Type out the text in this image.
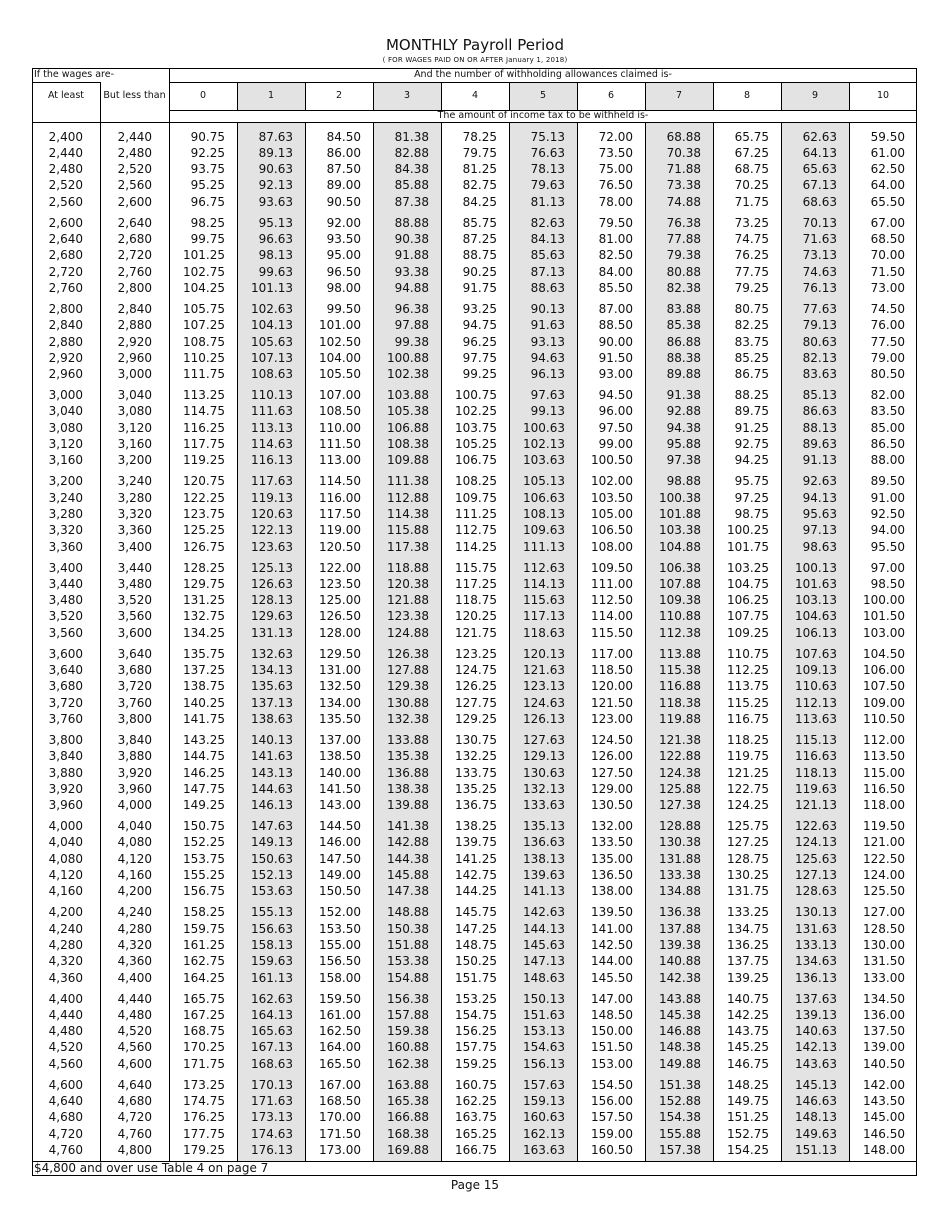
MONTHLY Payroll Period
( FOR WAGES PAID ON OR AFTER January 1, 2018)
If the wages are-	And the number of withholding allowances claimed is-
At least	But less than	0	1	2	3	4	5	6	7	8	9	10
The amount of income tax to be withheld is-
2,400	2,440	90.75	87.63	84.50	81.38	78.25	75.13	72.00	68.88	65.75	62.63	59.50
2,440	2,480	92.25	89.13	86.00	82.88	79.75	76.63	73.50	70.38	67.25	64.13	61.00
2,480	2,520	93.75	90.63	87.50	84.38	81.25	78.13	75.00	71.88	68.75	65.63	62.50
2,520	2,560	95.25	92.13	89.00	85.88	82.75	79.63	76.50	73.38	70.25	67.13	64.00
2,560	2,600	96.75	93.63	90.50	87.38	84.25	81.13	78.00	74.88	71.75	68.63	65.50
2,600	2,640	98.25	95.13	92.00	88.88	85.75	82.63	79.50	76.38	73.25	70.13	67.00
2,640	2,680	99.75	96.63	93.50	90.38	87.25	84.13	81.00	77.88	74.75	71.63	68.50
2,680	2,720	101.25	98.13	95.00	91.88	88.75	85.63	82.50	79.38	76.25	73.13	70.00
2,720	2,760	102.75	99.63	96.50	93.38	90.25	87.13	84.00	80.88	77.75	74.63	71.50
2,760	2,800	104.25	101.13	98.00	94.88	91.75	88.63	85.50	82.38	79.25	76.13	73.00
2,800	2,840	105.75	102.63	99.50	96.38	93.25	90.13	87.00	83.88	80.75	77.63	74.50
2,840	2,880	107.25	104.13	101.00	97.88	94.75	91.63	88.50	85.38	82.25	79.13	76.00
2,880	2,920	108.75	105.63	102.50	99.38	96.25	93.13	90.00	86.88	83.75	80.63	77.50
2,920	2,960	110.25	107.13	104.00	100.88	97.75	94.63	91.50	88.38	85.25	82.13	79.00
2,960	3,000	111.75	108.63	105.50	102.38	99.25	96.13	93.00	89.88	86.75	83.63	80.50
3,000	3,040	113.25	110.13	107.00	103.88	100.75	97.63	94.50	91.38	88.25	85.13	82.00
3,040	3,080	114.75	111.63	108.50	105.38	102.25	99.13	96.00	92.88	89.75	86.63	83.50
3,080	3,120	116.25	113.13	110.00	106.88	103.75	100.63	97.50	94.38	91.25	88.13	85.00
3,120	3,160	117.75	114.63	111.50	108.38	105.25	102.13	99.00	95.88	92.75	89.63	86.50
3,160	3,200	119.25	116.13	113.00	109.88	106.75	103.63	100.50	97.38	94.25	91.13	88.00
3,200	3,240	120.75	117.63	114.50	111.38	108.25	105.13	102.00	98.88	95.75	92.63	89.50
3,240	3,280	122.25	119.13	116.00	112.88	109.75	106.63	103.50	100.38	97.25	94.13	91.00
3,280	3,320	123.75	120.63	117.50	114.38	111.25	108.13	105.00	101.88	98.75	95.63	92.50
3,320	3,360	125.25	122.13	119.00	115.88	112.75	109.63	106.50	103.38	100.25	97.13	94.00
3,360	3,400	126.75	123.63	120.50	117.38	114.25	111.13	108.00	104.88	101.75	98.63	95.50
3,400	3,440	128.25	125.13	122.00	118.88	115.75	112.63	109.50	106.38	103.25	100.13	97.00
3,440	3,480	129.75	126.63	123.50	120.38	117.25	114.13	111.00	107.88	104.75	101.63	98.50
3,480	3,520	131.25	128.13	125.00	121.88	118.75	115.63	112.50	109.38	106.25	103.13	100.00
3,520	3,560	132.75	129.63	126.50	123.38	120.25	117.13	114.00	110.88	107.75	104.63	101.50
3,560	3,600	134.25	131.13	128.00	124.88	121.75	118.63	115.50	112.38	109.25	106.13	103.00
3,600	3,640	135.75	132.63	129.50	126.38	123.25	120.13	117.00	113.88	110.75	107.63	104.50
3,640	3,680	137.25	134.13	131.00	127.88	124.75	121.63	118.50	115.38	112.25	109.13	106.00
3,680	3,720	138.75	135.63	132.50	129.38	126.25	123.13	120.00	116.88	113.75	110.63	107.50
3,720	3,760	140.25	137.13	134.00	130.88	127.75	124.63	121.50	118.38	115.25	112.13	109.00
3,760	3,800	141.75	138.63	135.50	132.38	129.25	126.13	123.00	119.88	116.75	113.63	110.50
3,800	3,840	143.25	140.13	137.00	133.88	130.75	127.63	124.50	121.38	118.25	115.13	112.00
3,840	3,880	144.75	141.63	138.50	135.38	132.25	129.13	126.00	122.88	119.75	116.63	113.50
3,880	3,920	146.25	143.13	140.00	136.88	133.75	130.63	127.50	124.38	121.25	118.13	115.00
3,920	3,960	147.75	144.63	141.50	138.38	135.25	132.13	129.00	125.88	122.75	119.63	116.50
3,960	4,000	149.25	146.13	143.00	139.88	136.75	133.63	130.50	127.38	124.25	121.13	118.00
4,000	4,040	150.75	147.63	144.50	141.38	138.25	135.13	132.00	128.88	125.75	122.63	119.50
4,040	4,080	152.25	149.13	146.00	142.88	139.75	136.63	133.50	130.38	127.25	124.13	121.00
4,080	4,120	153.75	150.63	147.50	144.38	141.25	138.13	135.00	131.88	128.75	125.63	122.50
4,120	4,160	155.25	152.13	149.00	145.88	142.75	139.63	136.50	133.38	130.25	127.13	124.00
4,160	4,200	156.75	153.63	150.50	147.38	144.25	141.13	138.00	134.88	131.75	128.63	125.50
4,200	4,240	158.25	155.13	152.00	148.88	145.75	142.63	139.50	136.38	133.25	130.13	127.00
4,240	4,280	159.75	156.63	153.50	150.38	147.25	144.13	141.00	137.88	134.75	131.63	128.50
4,280	4,320	161.25	158.13	155.00	151.88	148.75	145.63	142.50	139.38	136.25	133.13	130.00
4,320	4,360	162.75	159.63	156.50	153.38	150.25	147.13	144.00	140.88	137.75	134.63	131.50
4,360	4,400	164.25	161.13	158.00	154.88	151.75	148.63	145.50	142.38	139.25	136.13	133.00
4,400	4,440	165.75	162.63	159.50	156.38	153.25	150.13	147.00	143.88	140.75	137.63	134.50
4,440	4,480	167.25	164.13	161.00	157.88	154.75	151.63	148.50	145.38	142.25	139.13	136.00
4,480	4,520	168.75	165.63	162.50	159.38	156.25	153.13	150.00	146.88	143.75	140.63	137.50
4,520	4,560	170.25	167.13	164.00	160.88	157.75	154.63	151.50	148.38	145.25	142.13	139.00
4,560	4,600	171.75	168.63	165.50	162.38	159.25	156.13	153.00	149.88	146.75	143.63	140.50
4,600	4,640	173.25	170.13	167.00	163.88	160.75	157.63	154.50	151.38	148.25	145.13	142.00
4,640	4,680	174.75	171.63	168.50	165.38	162.25	159.13	156.00	152.88	149.75	146.63	143.50
4,680	4,720	176.25	173.13	170.00	166.88	163.75	160.63	157.50	154.38	151.25	148.13	145.00
4,720	4,760	177.75	174.63	171.50	168.38	165.25	162.13	159.00	155.88	152.75	149.63	146.50
4,760	4,800	179.25	176.13	173.00	169.88	166.75	163.63	160.50	157.38	154.25	151.13	148.00
$4,800 and over use Table 4 on page 7
Page 15
